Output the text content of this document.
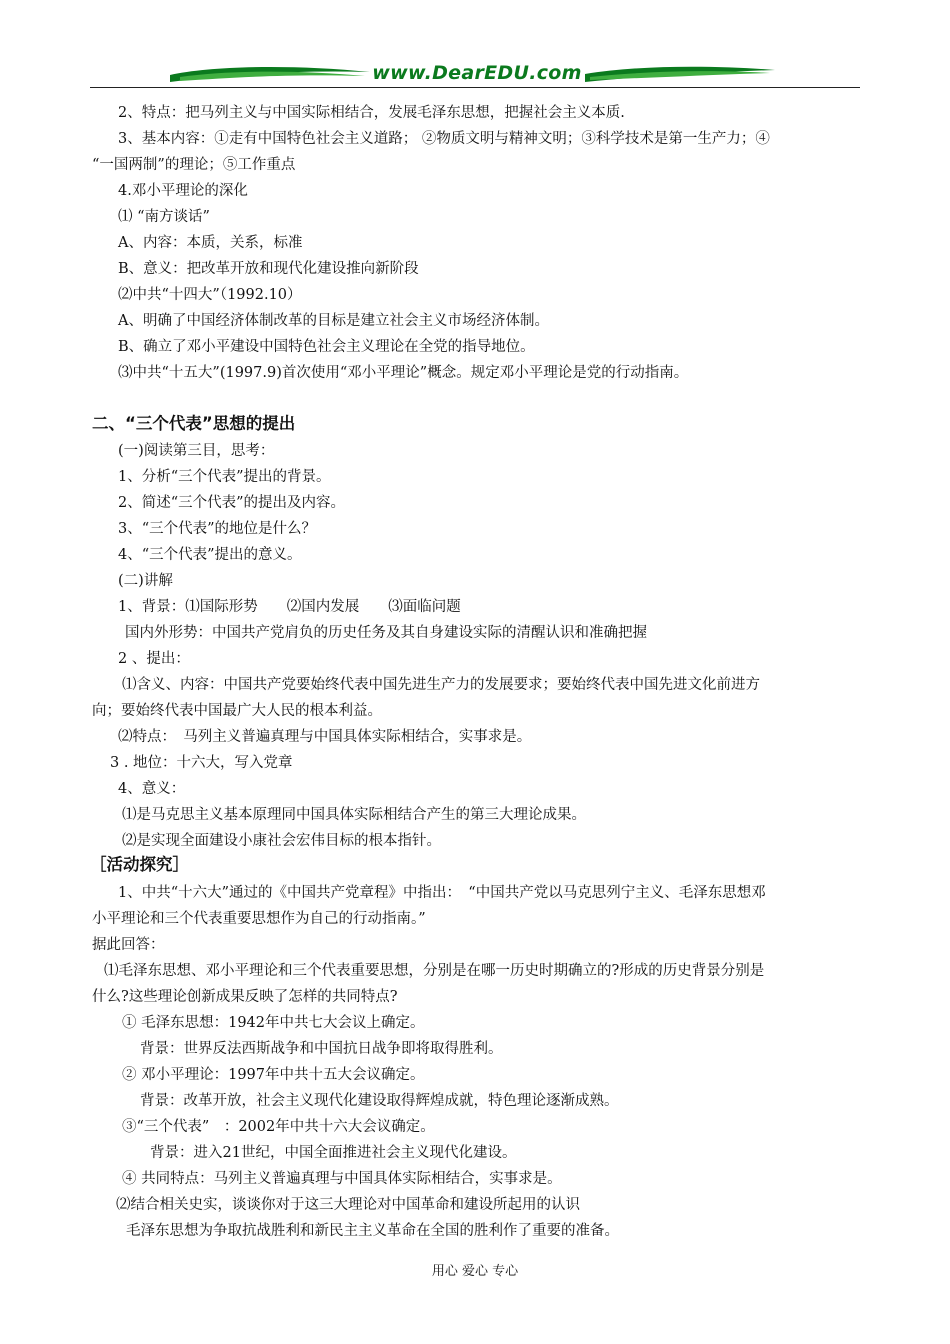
www.DearEDU.com
2、特点：把马列主义与中国实际相结合，发展毛泽东思想，把握社会主义本质.
3、基本内容：①走有中国特色社会主义道路； ②物质文明与精神文明；③科学技术是第一生产力；④
“一国两制”的理论；⑤工作重点
4.邓小平理论的深化
⑴ “南方谈话”
A、内容：本质，关系，标准
B、意义：把改革开放和现代化建设推向新阶段
⑵中共“十四大”（1992.10）
A、明确了中国经济体制改革的目标是建立社会主义市场经济体制。
B、确立了邓小平建设中国特色社会主义理论在全党的指导地位。
⑶中共“十五大”(1997.9)首次使用“邓小平理论”概念。规定邓小平理论是党的行动指南。
二、“三个代表”思想的提出
(一)阅读第三目，思考：
1、分析“三个代表”提出的背景。
2、简述“三个代表”的提出及内容。
3、“三个代表”的地位是什么？
4、“三个代表”提出的意义。
(二)讲解
1、背景：⑴国际形势　　⑵国内发展　　⑶面临问题
国内外形势：中国共产党肩负的历史任务及其自身建设实际的清醒认识和准确把握
2 、提出：
⑴含义、内容：中国共产党要始终代表中国先进生产力的发展要求；要始终代表中国先进文化前进方
向；要始终代表中国最广大人民的根本利益。
⑵特点：　马列主义普遍真理与中国具体实际相结合，实事求是。
3 . 地位：十六大，写入党章
4、意义：
⑴是马克思主义基本原理同中国具体实际相结合产生的第三大理论成果。
⑵是实现全面建设小康社会宏伟目标的根本指针。
［活动探究］
1、中共“十六大”通过的《中国共产党章程》中指出：　“中国共产党以马克思列宁主义、毛泽东思想邓
小平理论和三个代表重要思想作为自己的行动指南。”
据此回答：
⑴毛泽东思想、邓小平理论和三个代表重要思想，分别是在哪一历史时期确立的?形成的历史背景分别是
什么?这些理论创新成果反映了怎样的共同特点?
① 毛泽东思想：1942年中共七大会议上确定。
背景：世界反法西斯战争和中国抗日战争即将取得胜利。
② 邓小平理论：1997年中共十五大会议确定。
背景：改革开放，社会主义现代化建设取得辉煌成就，特色理论逐渐成熟。
③“三个代表”　：2002年中共十六大会议确定。
背景：进入21世纪，中国全面推进社会主义现代化建设。
④ 共同特点：马列主义普遍真理与中国具体实际相结合，实事求是。
⑵结合相关史实，谈谈你对于这三大理论对中国革命和建设所起用的认识
毛泽东思想为争取抗战胜利和新民主主义革命在全国的胜利作了重要的准备。
用心 爱心 专心
